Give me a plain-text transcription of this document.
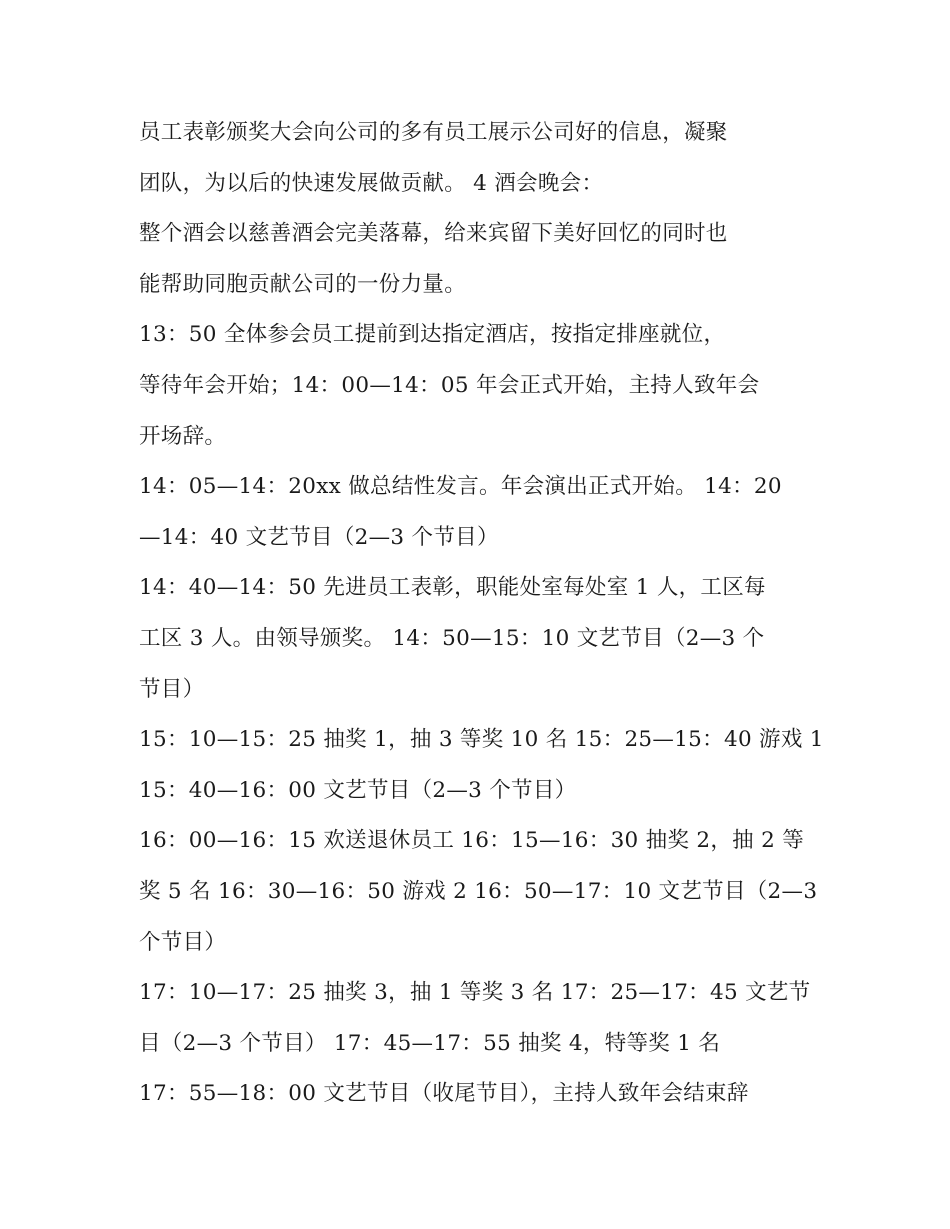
员工表彰颁奖大会向公司的多有员工展示公司好的信息，凝聚
团队，为以后的快速发展做贡献。 4 酒会晚会：
整个酒会以慈善酒会完美落幕，给来宾留下美好回忆的同时也
能帮助同胞贡献公司的一份力量。
13：50 全体参会员工提前到达指定酒店，按指定排座就位，
等待年会开始；14：00—14：05 年会正式开始，主持人致年会
开场辞。
14：05—14：20xx 做总结性发言。年会演出正式开始。 14：20
—14：40 文艺节目（2—3 个节目）
14：40—14：50 先进员工表彰，职能处室每处室 1 人，工区每
工区 3 人。由领导颁奖。 14：50—15：10 文艺节目（2—3 个
节目）
15：10—15：25 抽奖 1，抽 3 等奖 10 名 15：25—15：40 游戏 1
15：40—16：00 文艺节目（2—3 个节目）
16：00—16：15 欢送退休员工 16：15—16：30 抽奖 2，抽 2 等
奖 5 名 16：30—16：50 游戏 2 16：50—17：10 文艺节目（2—3
个节目）
17：10—17：25 抽奖 3，抽 1 等奖 3 名 17：25—17：45 文艺节
目（2—3 个节目） 17：45—17：55 抽奖 4，特等奖 1 名
17：55—18：00 文艺节目（收尾节目），主持人致年会结束辞
